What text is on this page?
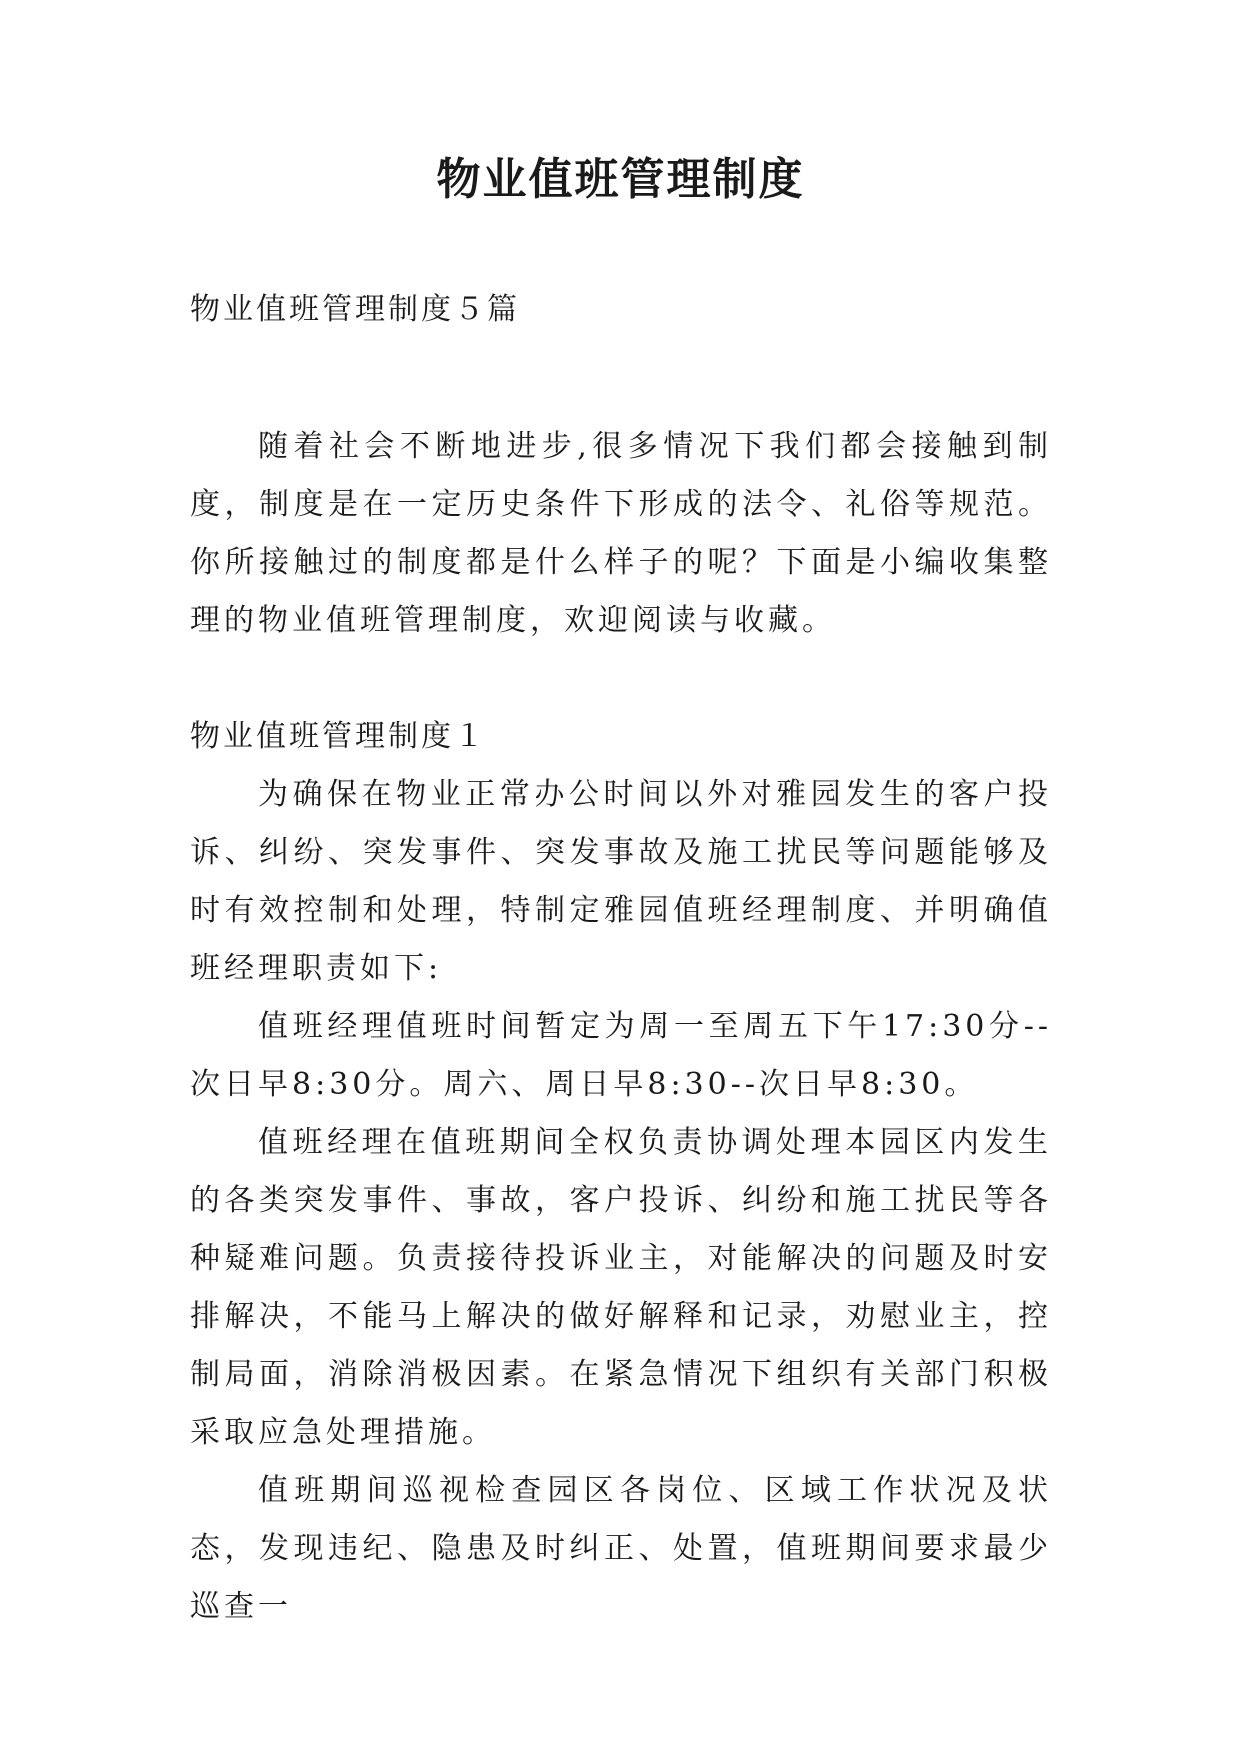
物业值班管理制度

物业值班管理制度５篇

随着社会不断地进步,很多情况下我们都会接触到制度，制度是在一定历史条件下形成的法令、礼俗等规范。你所接触过的制度都是什么样子的呢？下面是小编收集整理的物业值班管理制度，欢迎阅读与收藏。

物业值班管理制度１

为确保在物业正常办公时间以外对雅园发生的客户投诉、纠纷、突发事件、突发事故及施工扰民等问题能够及时有效控制和处理，特制定雅园值班经理制度、并明确值班经理职责如下:

值班经理值班时间暂定为周一至周五下午17:30分--次日早8:30分。周六、周日早8:30--次日早8:30。

值班经理在值班期间全权负责协调处理本园区内发生的各类突发事件、事故，客户投诉、纠纷和施工扰民等各种疑难问题。负责接待投诉业主，对能解决的问题及时安排解决，不能马上解决的做好解释和记录，劝慰业主，控制局面，消除消极因素。在紧急情况下组织有关部门积极采取应急处理措施。

值班期间巡视检查园区各岗位、区域工作状况及状态，发现违纪、隐患及时纠正、处置，值班期间要求最少巡查一
